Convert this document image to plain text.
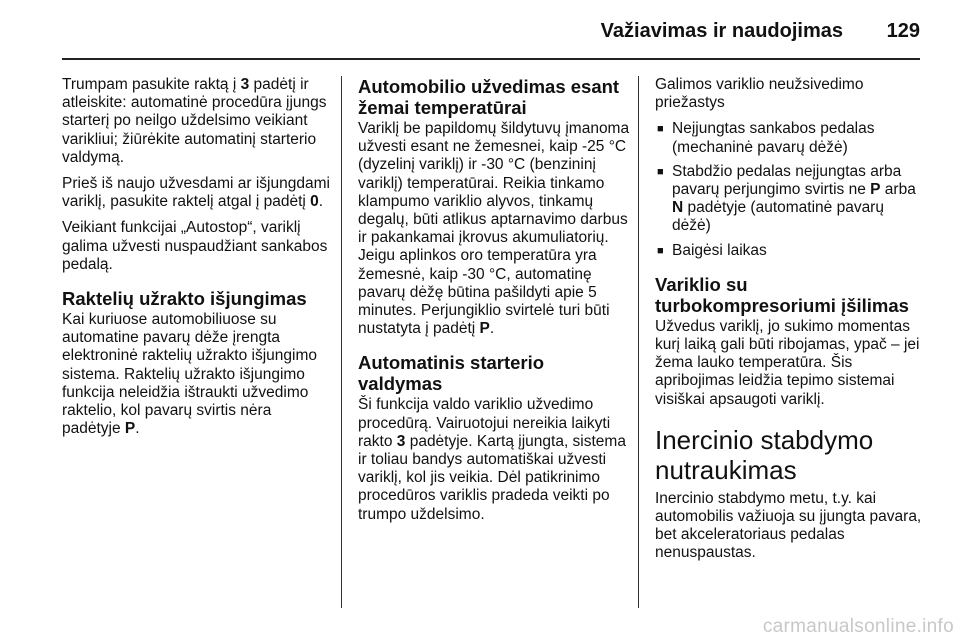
Važiavimas ir naudojimas 129

Trumpam pasukite raktą į 3 padėtį ir atleiskite: automatinė procedūra įjungs starterį po neilgo uždelsimo veikiant varikliui; žiūrėkite automatinį starterio valdymą.

Prieš iš naujo užvesdami ar išjungdami variklį, pasukite raktelį atgal į padėtį 0.

Veikiant funkcijai „Autostop“, variklį galima užvesti nuspaudžiant sankabos pedalą.

Raktelių užrakto išjungimas

Kai kuriuose automobiliuose su automatine pavarų dėže įrengta elektroninė raktelių užrakto išjungimo sistema. Raktelių užrakto išjungimo funkcija neleidžia ištraukti užvedimo raktelio, kol pavarų svirtis nėra padėtyje P.

Automobilio užvedimas esant žemai temperatūrai

Variklį be papildomų šildytuvų įmanoma užvesti esant ne žemesnei, kaip -25 °C (dyzelinį variklį) ir -30 °C (benzininį variklį) temperatūrai. Reikia tinkamo klampumo variklio alyvos, tinkamų degalų, būti atlikus aptarnavimo darbus ir pakankamai įkrovus akumuliatorių. Jeigu aplinkos oro temperatūra yra žemesnė, kaip -30 °C, automatinę pavarų dėžę būtina pašildyti apie 5 minutes. Perjungiklio svirtelė turi būti nustatyta į padėtį P.

Automatinis starterio valdymas

Ši funkcija valdo variklio užvedimo procedūrą. Vairuotojui nereikia laikyti rakto 3 padėtyje. Kartą įjungta, sistema ir toliau bandys automatiškai užvesti variklį, kol jis veikia. Dėl patikrinimo procedūros variklis pradeda veikti po trumpo uždelsimo.

Galimos variklio neužsivedimo priežastys

■ Neįjungtas sankabos pedalas (mechaninė pavarų dėžė)
■ Stabdžio pedalas neįjungtas arba pavarų perjungimo svirtis ne P arba N padėtyje (automatinė pavarų dėžė)
■ Baigėsi laikas
Variklio su turbokompresoriumi įšilimas

Užvedus variklį, jo sukimo momentas kurį laiką gali būti ribojamas, ypač – jei žema lauko temperatūra. Šis apribojimas leidžia tepimo sistemai visiškai apsaugoti variklį.

Inercinio stabdymo nutraukimas

Inercinio stabdymo metu, t.y. kai automobilis važiuoja su įjungta pavara, bet akceleratoriaus pedalas nenuspaustas.

carmanualsonline.info
